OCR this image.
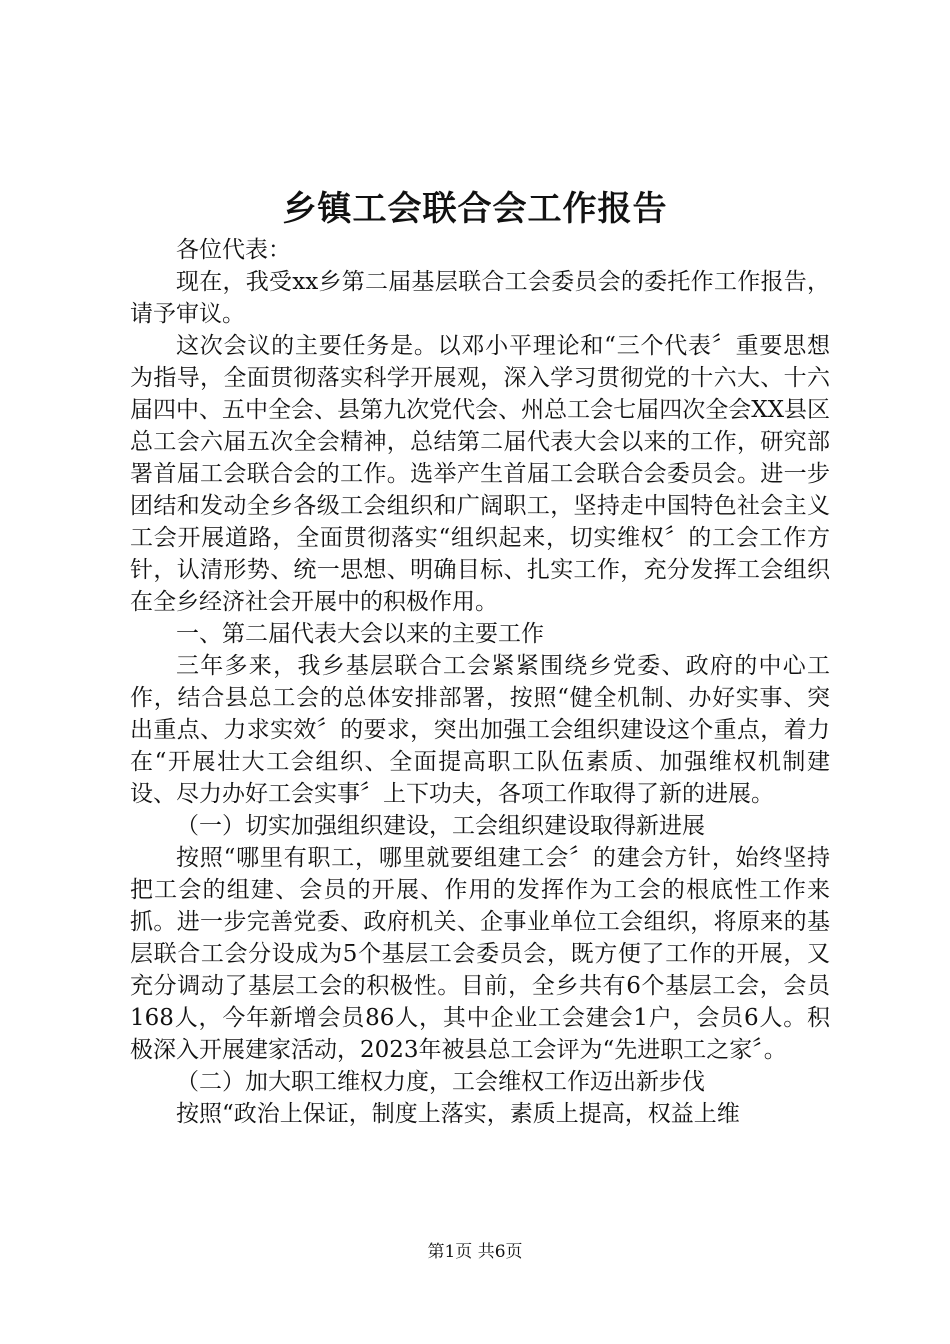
乡镇工会联合会工作报告

各位代表：

现在，我受xx乡第二届基层联合工会委员会的委托作工作报告，请予审议。

这次会议的主要任务是。以邓小平理论和“三个代表〞重要思想为指导，全面贯彻落实科学开展观，深入学习贯彻党的十六大、十六届四中、五中全会、县第九次党代会、州总工会七届四次全会XX县区总工会六届五次全会精神，总结第二届代表大会以来的工作，研究部署首届工会联合会的工作。选举产生首届工会联合会委员会。进一步团结和发动全乡各级工会组织和广阔职工，坚持走中国特色社会主义工会开展道路，全面贯彻落实“组织起来，切实维权〞的工会工作方针，认清形势、统一思想、明确目标、扎实工作，充分发挥工会组织在全乡经济社会开展中的积极作用。

一、第二届代表大会以来的主要工作

三年多来，我乡基层联合工会紧紧围绕乡党委、政府的中心工作，结合县总工会的总体安排部署，按照“健全机制、办好实事、突出重点、力求实效〞的要求，突出加强工会组织建设这个重点，着力在“开展壮大工会组织、全面提高职工队伍素质、加强维权机制建设、尽力办好工会实事〞上下功夫，各项工作取得了新的进展。

（一）切实加强组织建设，工会组织建设取得新进展

按照“哪里有职工，哪里就要组建工会〞的建会方针，始终坚持把工会的组建、会员的开展、作用的发挥作为工会的根底性工作来抓。进一步完善党委、政府机关、企事业单位工会组织，将原来的基层联合工会分设成为5个基层工会委员会，既方便了工作的开展，又充分调动了基层工会的积极性。目前，全乡共有6个基层工会，会员168人，今年新增会员86人，其中企业工会建会1户，会员6人。积极深入开展建家活动，2023年被县总工会评为“先进职工之家〞。

（二）加大职工维权力度，工会维权工作迈出新步伐

按照“政治上保证，制度上落实，素质上提高，权益上维

第1页 共6页
